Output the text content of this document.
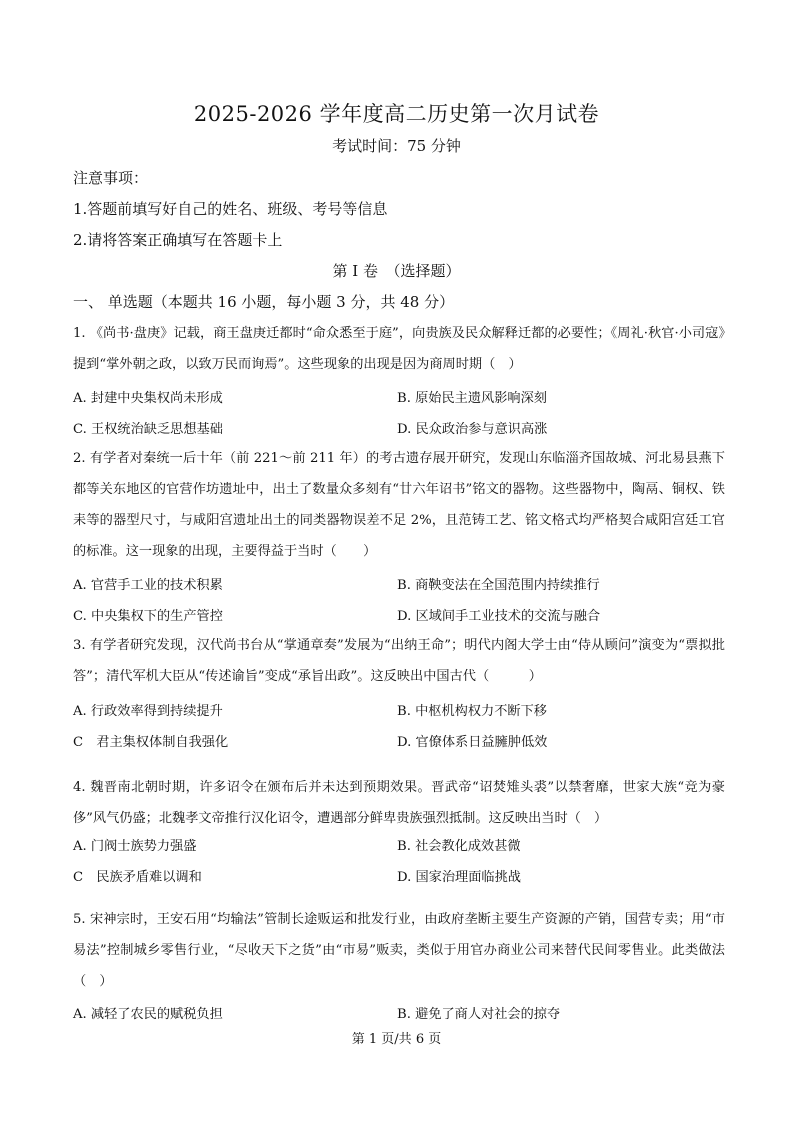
2025-2026 学年度高二历史第一次月试卷
考试时间：75 分钟
注意事项：
1.答题前填写好自己的姓名、班级、考号等信息
2.请将答案正确填写在答题卡上
第 I 卷　（选择题）
一、 单选题（本题共 16 小题，每小题 3 分，共 48 分）
1. 《尚书·盘庚》记载，商王盘庚迁都时“命众悉至于庭”，向贵族及民众解释迁都的必要性；《周礼·秋官·小司寇》提到“掌外朝之政，以致万民而询焉”。这些现象的出现是因为商周时期（　）
A. 封建中央集权尚未形成	B. 原始民主遗风影响深刻
C. 王权统治缺乏思想基础	D. 民众政治参与意识高涨
2. 有学者对秦统一后十年（前 221～前 211 年）的考古遗存展开研究，发现山东临淄齐国故城、河北易县燕下都等关东地区的官营作坊遗址中，出土了数量众多刻有“廿六年诏书”铭文的器物。这些器物中，陶鬲、铜权、铁耒等的器型尺寸，与咸阳宫遗址出土的同类器物误差不足 2%，且范铸工艺、铭文格式均严格契合咸阳宫廷工官的标准。这一现象的出现，主要得益于当时（　　）
A. 官营手工业的技术积累	B. 商鞅变法在全国范围内持续推行
C. 中央集权下的生产管控	D. 区域间手工业技术的交流与融合
3. 有学者研究发现，汉代尚书台从“掌通章奏”发展为“出纳王命”；明代内阁大学士由“侍从顾问”演变为“票拟批答”；清代军机大臣从“传述谕旨”变成“承旨出政”。这反映出中国古代（　　　）
A. 行政效率得到持续提升	B. 中枢机构权力不断下移
C　君主集权体制自我强化	D. 官僚体系日益臃肿低效
4. 魏晋南北朝时期，许多诏令在颁布后并未达到预期效果。晋武帝“诏焚雉头裘”以禁奢靡，世家大族“竞为豪侈”风气仍盛；北魏孝文帝推行汉化诏令，遭遇部分鲜卑贵族强烈抵制。这反映出当时（　）
A. 门阀士族势力强盛	B. 社会教化成效甚微
C　民族矛盾难以调和	D. 国家治理面临挑战
5. 宋神宗时，王安石用“均输法”管制长途贩运和批发行业，由政府垄断主要生产资源的产销，国营专卖；用“市易法”控制城乡零售行业，“尽收天下之货”由“市易”贩卖，类似于用官办商业公司来替代民间零售业。此类做法（　）
A. 减轻了农民的赋税负担	B. 避免了商人对社会的掠夺
第 1 页/共 6 页
